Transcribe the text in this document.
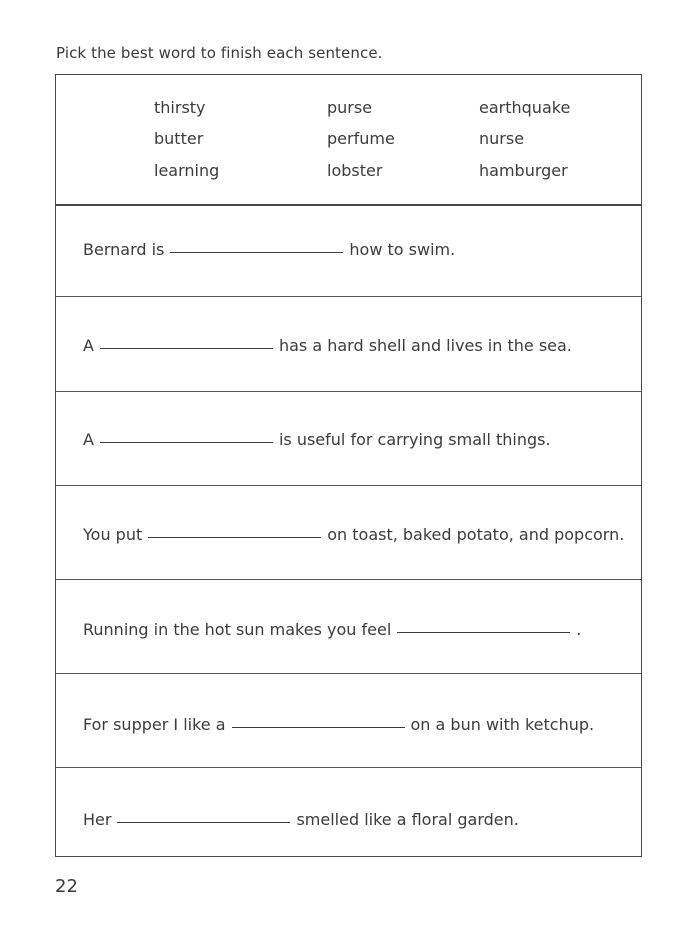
Pick the best word to finish each sentence.
thirsty	purse	earthquake
butter	perfume	nurse
learning	lobster	hamburger
Bernard is	how to swim.
A	has a hard shell and lives in the sea.
A	is useful for carrying small things.
You put	on toast, baked potato, and popcorn.
Running in the hot sun makes you feel	.
For supper I like a	on a bun with ketchup.
Her	smelled like a floral garden.
22
